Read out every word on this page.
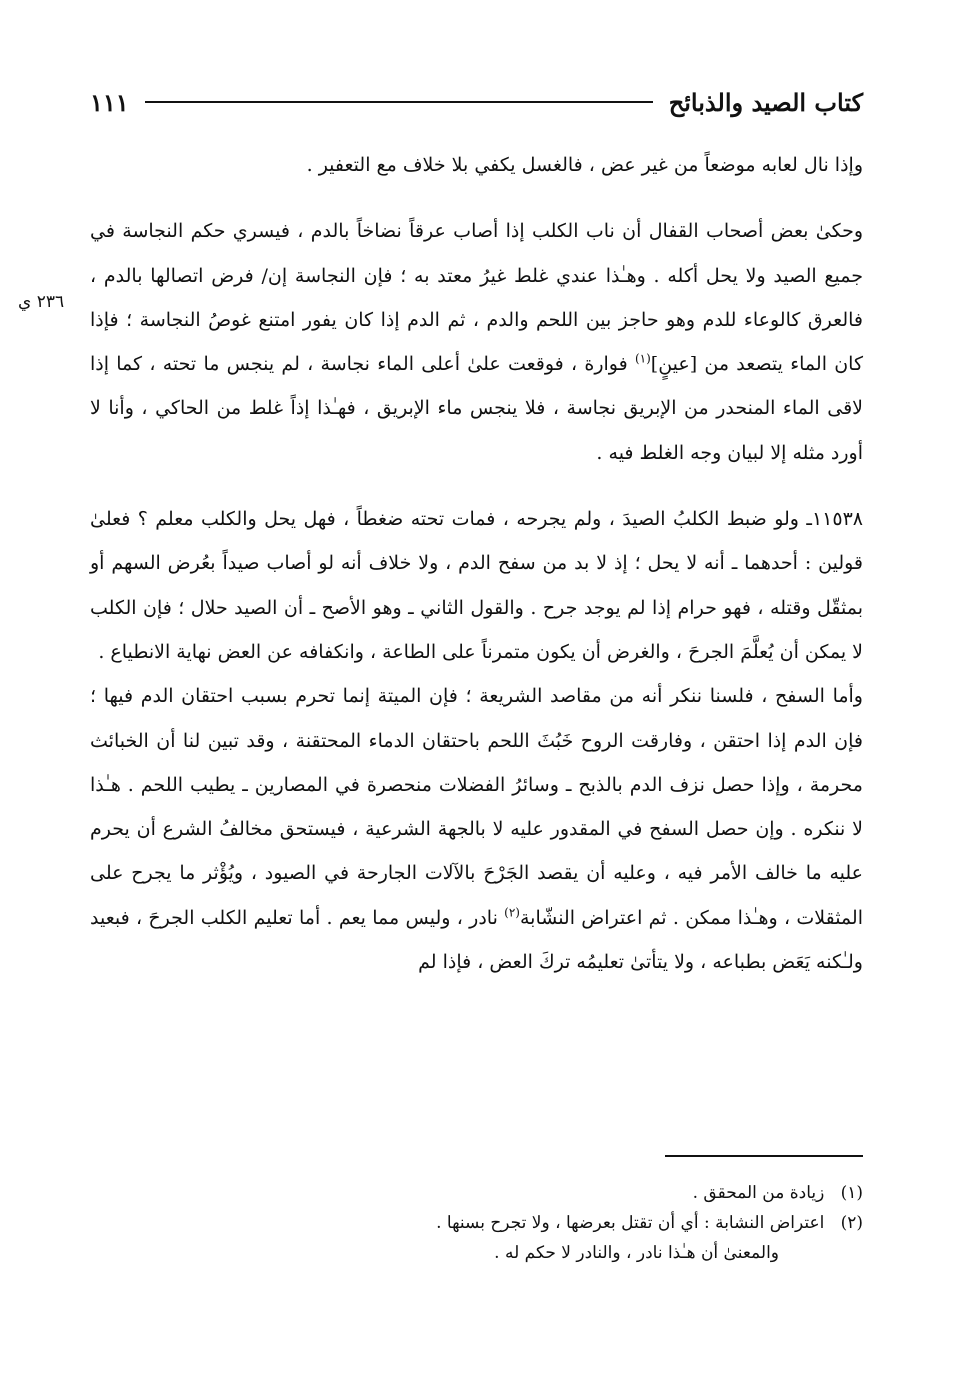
كتاب الصيد والذبائح
١١١
٢٣٦ ي

وإذا نال لعابه موضعاً من غير عض ، فالغسل يكفي بلا خلاف مع التعفير .

وحكىٰ بعض أصحاب القفال أن ناب الكلب إذا أصاب عرقاً نضاخاً بالدم ، فيسري حكم النجاسة في جميع الصيد ولا يحل أكله . وهـٰذا عندي غلط غيرُ معتد به ؛ فإن النجاسة إن/ فرض اتصالها بالدم ، فالعرق كالوعاء للدم وهو حاجز بين اللحم والدم ، ثم الدم إذا كان يفور امتنع غوصُ النجاسة ؛ فإذا كان الماء يتصعد من [عينٍ]$^{(١)}$ فوارة ، فوقعت علىٰ أعلى الماء نجاسة ، لم ينجس ما تحته ، كما إذا لاقى الماء المنحدر من الإبريق نجاسة ، فلا ينجس ماء الإبريق ، فهـٰذا إذاً غلط من الحاكي ، وأنا لا أورد مثله إلا لبيان وجه الغلط فيه .

١١٥٣٨ـ ولو ضبط الكلبُ الصيدَ ، ولم يجرحه ، فمات تحته ضغطاً ، فهل يحل والكلب معلم ؟ فعلىٰ قولين : أحدهما ـ أنه لا يحل ؛ إذ لا بد من سفح الدم ، ولا خلاف أنه لو أصاب صيداً بعُرض السهم أو بمثقّل وقتله ، فهو حرام إذا لم يوجد جرح . والقول الثاني ـ وهو الأصح ـ أن الصيد حلال ؛ فإن الكلب لا يمكن أن يُعلَّمَ الجرحَ ، والغرض أن يكون متمرناً على الطاعة ، وانكفافه عن العض نهاية الانطياع .

وأما السفح ، فلسنا ننكر أنه من مقاصد الشريعة ؛ فإن الميتة إنما تحرم بسبب احتقان الدم فيها ؛ فإن الدم إذا احتقن ، وفارقت الروح خَبُثَ اللحم باحتقان الدماء المحتقنة ، وقد تبين لنا أن الخبائث محرمة ، وإذا حصل نزف الدم بالذبح ـ وسائرُ الفضلات منحصرة في المصارين ـ يطيب اللحم . هـٰذا لا ننكره . وإن حصل السفح في المقدور عليه لا بالجهة الشرعية ، فيستحق مخالفُ الشرع أن يحرم عليه ما خالف الأمر فيه ، وعليه أن يقصد الجَرْحَ بالآلات الجارحة في الصيود ، ويُؤْثر ما يجرح على المثقلات ، وهـٰذا ممكن . ثم اعتراض النشّابة$^{(٢)}$ نادر ، وليس مما يعم . أما تعليم الكلب الجرحَ ، فبعيد ولـٰكنه يَعَض بطباعه ، ولا يتأتىٰ تعليمُه تركَ العض ، فإذا لم

(١)   زيادة من المحقق .
(٢)   اعتراض النشابة : أي أن تقتل بعرضها ، ولا تجرح بسنها .
والمعنىٰ أن هـٰذا نادر ، والنادر لا حكم له .
